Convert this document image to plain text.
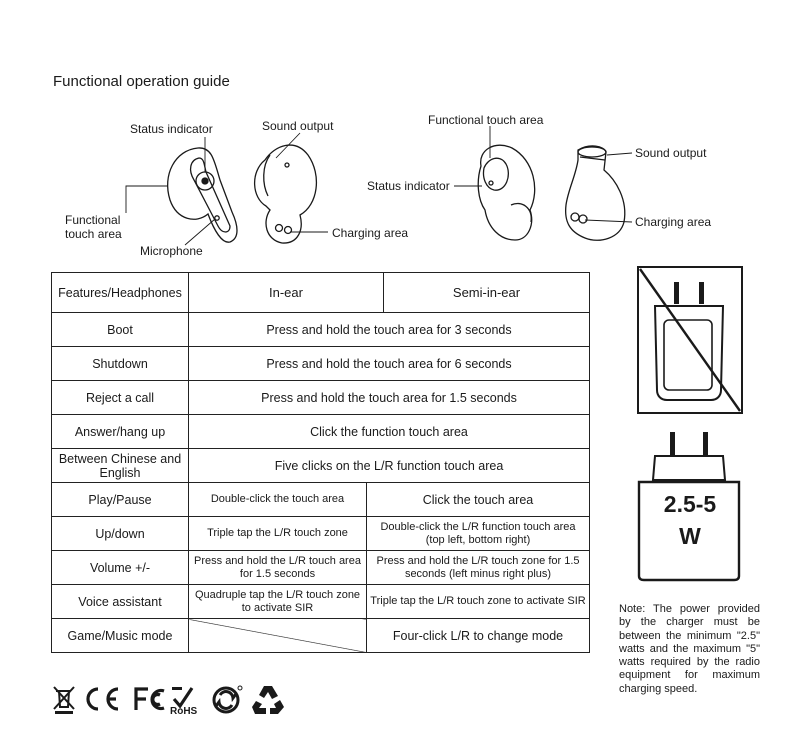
Functional operation guide
Status indicator	Sound output
Functional
touch area
Microphone
Charging area
Functional touch area
Status indicator
Sound output
Charging area
Features/Headphones	In-ear		Semi-in-ear
Boot	Press and hold the touch area for 3 seconds		
Shutdown	Press and hold the touch area for 6 seconds		
Reject a call	Press and hold the touch area for 1.5 seconds		
Answer/hang up	Click the function touch area		
Between Chinese and English	Five clicks on the L/R function touch area		
Play/Pause	Double-click the touch area	Click the touch area	
Up/down	Triple tap the L/R touch zone	Double-click the L/R function touch area (top left, bottom right)	
Volume +/-	Press and hold the L/R touch area for 1.5 seconds	Press and hold the L/R touch zone for 1.5 seconds (left minus right plus)	
Voice assistant	Quadruple tap the L/R touch zone to activate SIR	Triple tap the L/R touch zone to activate SIR	
Game/Music mode		Four-click L/R to change mode	
2.5-5
W
Note: The power provided by the charger must be between the minimum "2.5" watts and the maximum "5" watts required by the radio equipment for maximum charging speed.
RoHS
